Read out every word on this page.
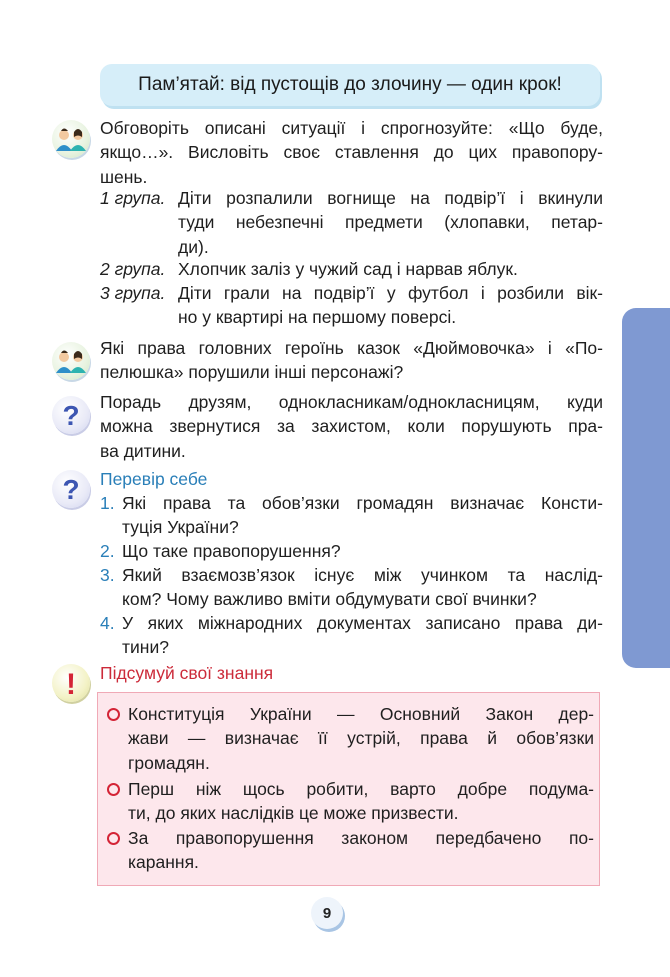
Пам’ятай: від пустощів до злочину — один крок!
Обговоріть описані ситуації і спрогнозуйте: «Що буде,
якщо…». Висловіть своє ставлення до цих правопору-
шень.
1 група. Діти розпалили вогнище на подвір’ї і вкинули
туди небезпечні предмети (хлопавки, петар-
ди).
2 група. Хлопчик заліз у чужий сад і нарвав яблук.
3 група. Діти грали на подвір’ї у футбол і розбили вік-
но у квартирі на першому поверсі.
Які права головних героїнь казок «Дюймовочка» і «По-
пелюшка» порушили інші персонажі?
? Порадь друзям, однокласникам/однокласницям, куди
можна звернутися за захистом, коли порушують пра-
ва дитини.
? Перевір себе
1. Які права та обов’язки громадян визначає Консти-
туція України?
2. Що таке правопорушення?
3. Який взаємозв’язок існує між учинком та наслід-
ком? Чому важливо вміти обдумувати свої вчинки?
4. У яких міжнародних документах записано права ди-
тини?
! Підсумуй свої знання
Конституція України — Основний Закон дер-
жави — визначає її устрій, права й обов’язки
громадян.
Перш ніж щось робити, варто добре подума-
ти, до яких наслідків це може призвести.
За правопорушення законом передбачено по-
карання.
9
